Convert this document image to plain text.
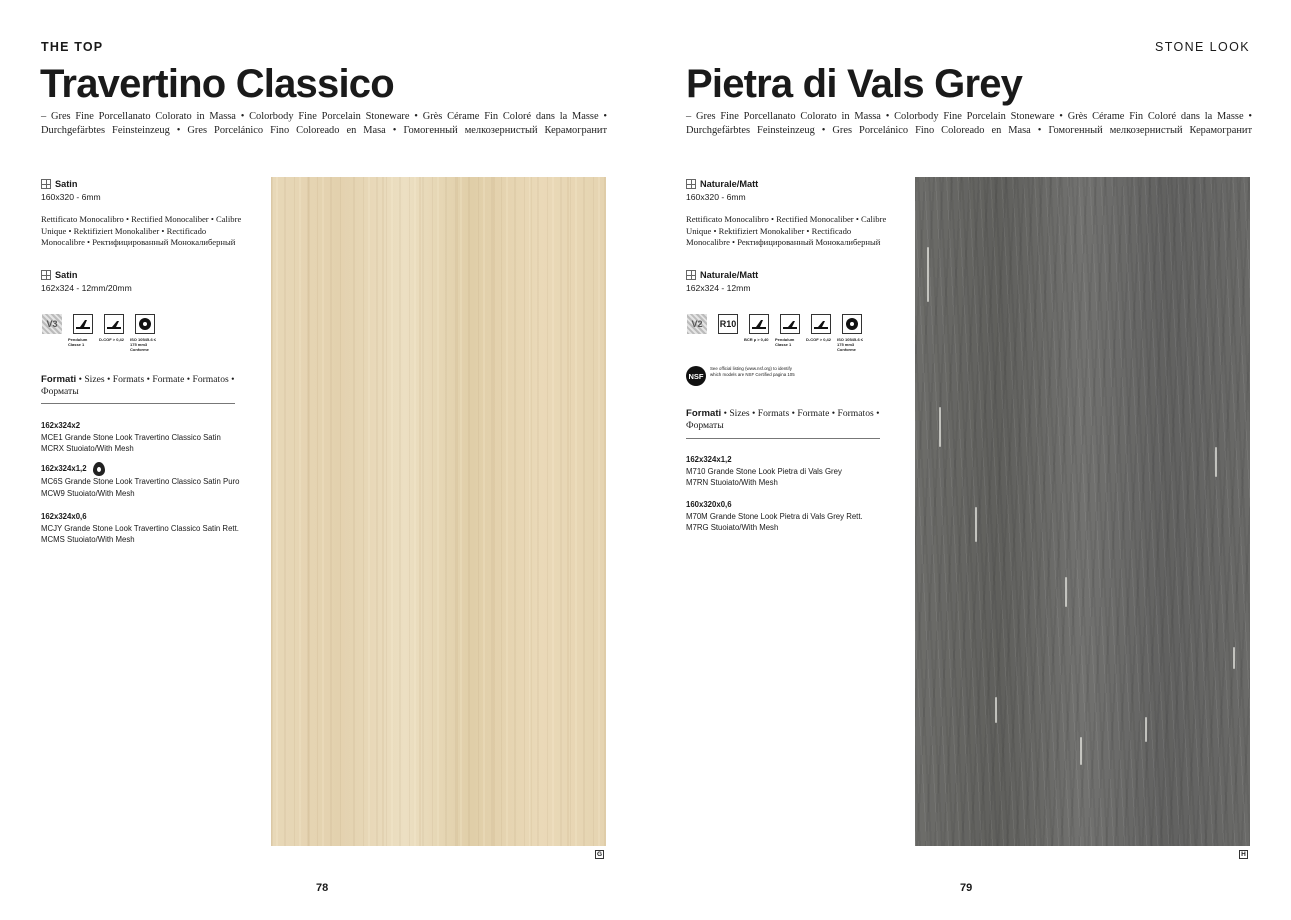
THE TOP
Travertino Classico
– Gres Fine Porcellanato Colorato in Massa • Colorbody Fine Porcelain Stoneware • Grès Cérame Fin Coloré dans la Masse • Durchgefärbtes Feinsteinzeug • Gres Porcelánico Fino Coloreado en Masa • Гомогенный мелкозернистый Керамогранит
Satin
160x320 - 6mm
Rettificato Monocalibro • Rectified Monocaliber • Calibre Unique • Rektifiziert Monokaliber • Rectificado Monocalibre • Ректифицированный Монокалиберный
Satin
162x324 - 12mm/20mm
V3
Pendulum Classe 1
D-COF > 0,42	ISO 10545-6 ≤ 175 mm3 Conforme
Formati • Sizes • Formats • Formate • Formatos • Форматы
162x324x2
MCE1 Grande Stone Look Travertino Classico Satin
MCRX Stuoiato/With Mesh
162x324x1,2
MC6S Grande Stone Look Travertino Classico Satin Puro
MCW9 Stuoiato/With Mesh
162x324x0,6
MCJY Grande Stone Look Travertino Classico Satin Rett.
MCMS Stuoiato/With Mesh
G
78
STONE LOOK
Pietra di Vals Grey
– Gres Fine Porcellanato Colorato in Massa • Colorbody Fine Porcelain Stoneware • Grès Cérame Fin Coloré dans la Masse • Durchgefärbtes Feinsteinzeug • Gres Porcelánico Fino Coloreado en Masa • Гомогенный мелкозернистый Керамогранит
Naturale/Matt
160x320 - 6mm
Rettificato Monocalibro • Rectified Monocaliber • Calibre Unique • Rektifiziert Monokaliber • Rectificado Monocalibre • Ректифицированный Монокалиберный
Naturale/Matt
162x324 - 12mm
V2	R10
BCR µ > 0,40	Pendulum Classe 1
D-COF > 0,42	ISO 10545-6 ≤ 175 mm3 Conforme
NSF
See official listing (www.nsf.org) to identify which models are NSF Certified pagina 105
Formati • Sizes • Formats • Formate • Formatos • Форматы
162x324x1,2
M710 Grande Stone Look Pietra di Vals Grey
M7RN Stuoiato/With Mesh
160x320x0,6
M70M Grande Stone Look Pietra di Vals Grey Rett.
M7RG Stuoiato/With Mesh
H
79
